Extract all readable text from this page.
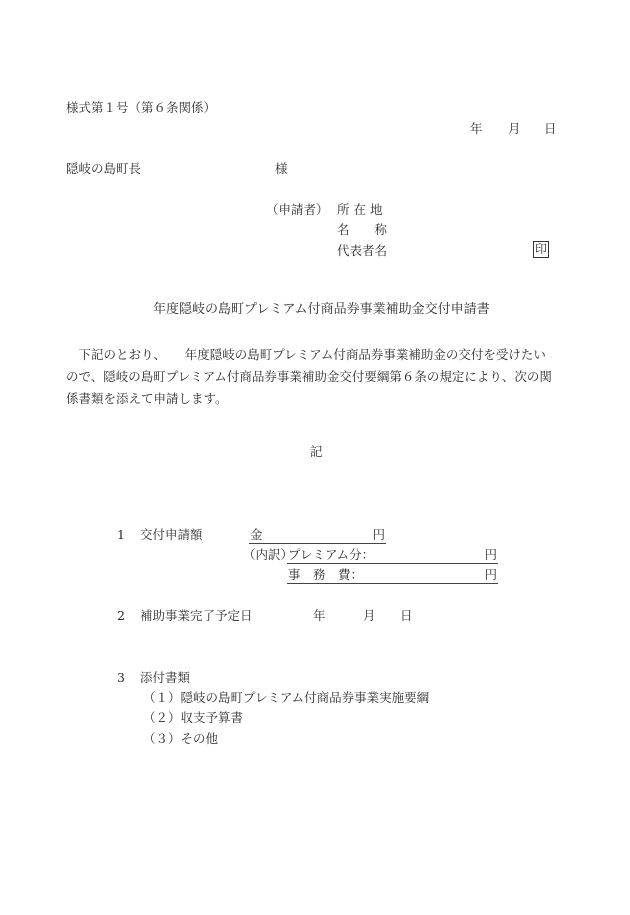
様式第１号（第６条関係）
年 月 日
隠岐の島町長	様
（申請者） 所 在 地
名　　称
代表者名	印
年度隠岐の島町プレミアム付商品券事業補助金交付申請書
　下記のとおり、　　年度隠岐の島町プレミアム付商品券事業補助金の交付を受けたい
ので、隠岐の島町プレミアム付商品券事業補助金交付要綱第６条の規定により、次の関
係書類を添えて申請します。
記
1 交付申請額	金	円
（内訳）
プレミアム分：	円
事　務　費：	円
2 補助事業完了予定日	年	月 日
3 添付書類
（１）隠岐の島町プレミアム付商品券事業実施要綱
（２）収支予算書
（３）その他
